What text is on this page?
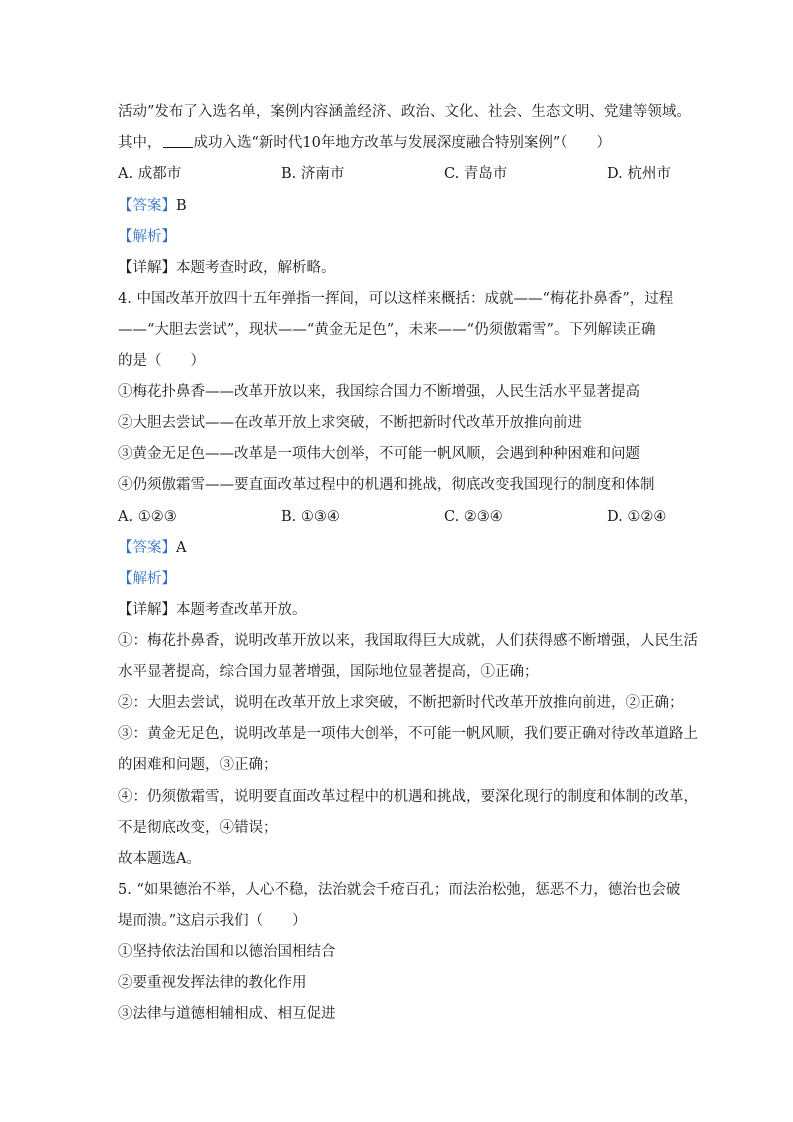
活动”发布了入选名单，案例内容涵盖经济、政治、文化、社会、生态文明、党建等领域。
其中， 成功入选“新时代10年地方改革与发展深度融合特别案例”（　　）
A. 成都市	B. 济南市	C. 青岛市	D. 杭州市
【答案】B
【解析】
【详解】本题考查时政，解析略。
4. 中国改革开放四十五年弹指一挥间，可以这样来概括：成就——“梅花扑鼻香”，过程
——“大胆去尝试”，现状——“黄金无足色”，未来——“仍须傲霜雪”。下列解读正确
的是（　　）
①梅花扑鼻香——改革开放以来，我国综合国力不断增强，人民生活水平显著提高
②大胆去尝试——在改革开放上求突破，不断把新时代改革开放推向前进
③黄金无足色——改革是一项伟大创举，不可能一帆风顺，会遇到种种困难和问题
④仍须傲霜雪——要直面改革过程中的机遇和挑战，彻底改变我国现行的制度和体制
A. ①②③	B. ①③④	C. ②③④	D. ①②④
【答案】A
【解析】
【详解】本题考查改革开放。
①：梅花扑鼻香，说明改革开放以来，我国取得巨大成就，人们获得感不断增强，人民生活
水平显著提高，综合国力显著增强，国际地位显著提高，①正确；
②：大胆去尝试，说明在改革开放上求突破，不断把新时代改革开放推向前进，②正确；
③：黄金无足色，说明改革是一项伟大创举，不可能一帆风顺，我们要正确对待改革道路上
的困难和问题，③正确；
④：仍须傲霜雪，说明要直面改革过程中的机遇和挑战，要深化现行的制度和体制的改革，
不是彻底改变，④错误；
故本题选A。
5. “如果德治不举，人心不稳，法治就会千疮百孔；而法治松弛，惩恶不力，德治也会破
堤而溃。”这启示我们（　　）
①坚持依法治国和以德治国相结合
②要重视发挥法律的教化作用
③法律与道德相辅相成、相互促进
